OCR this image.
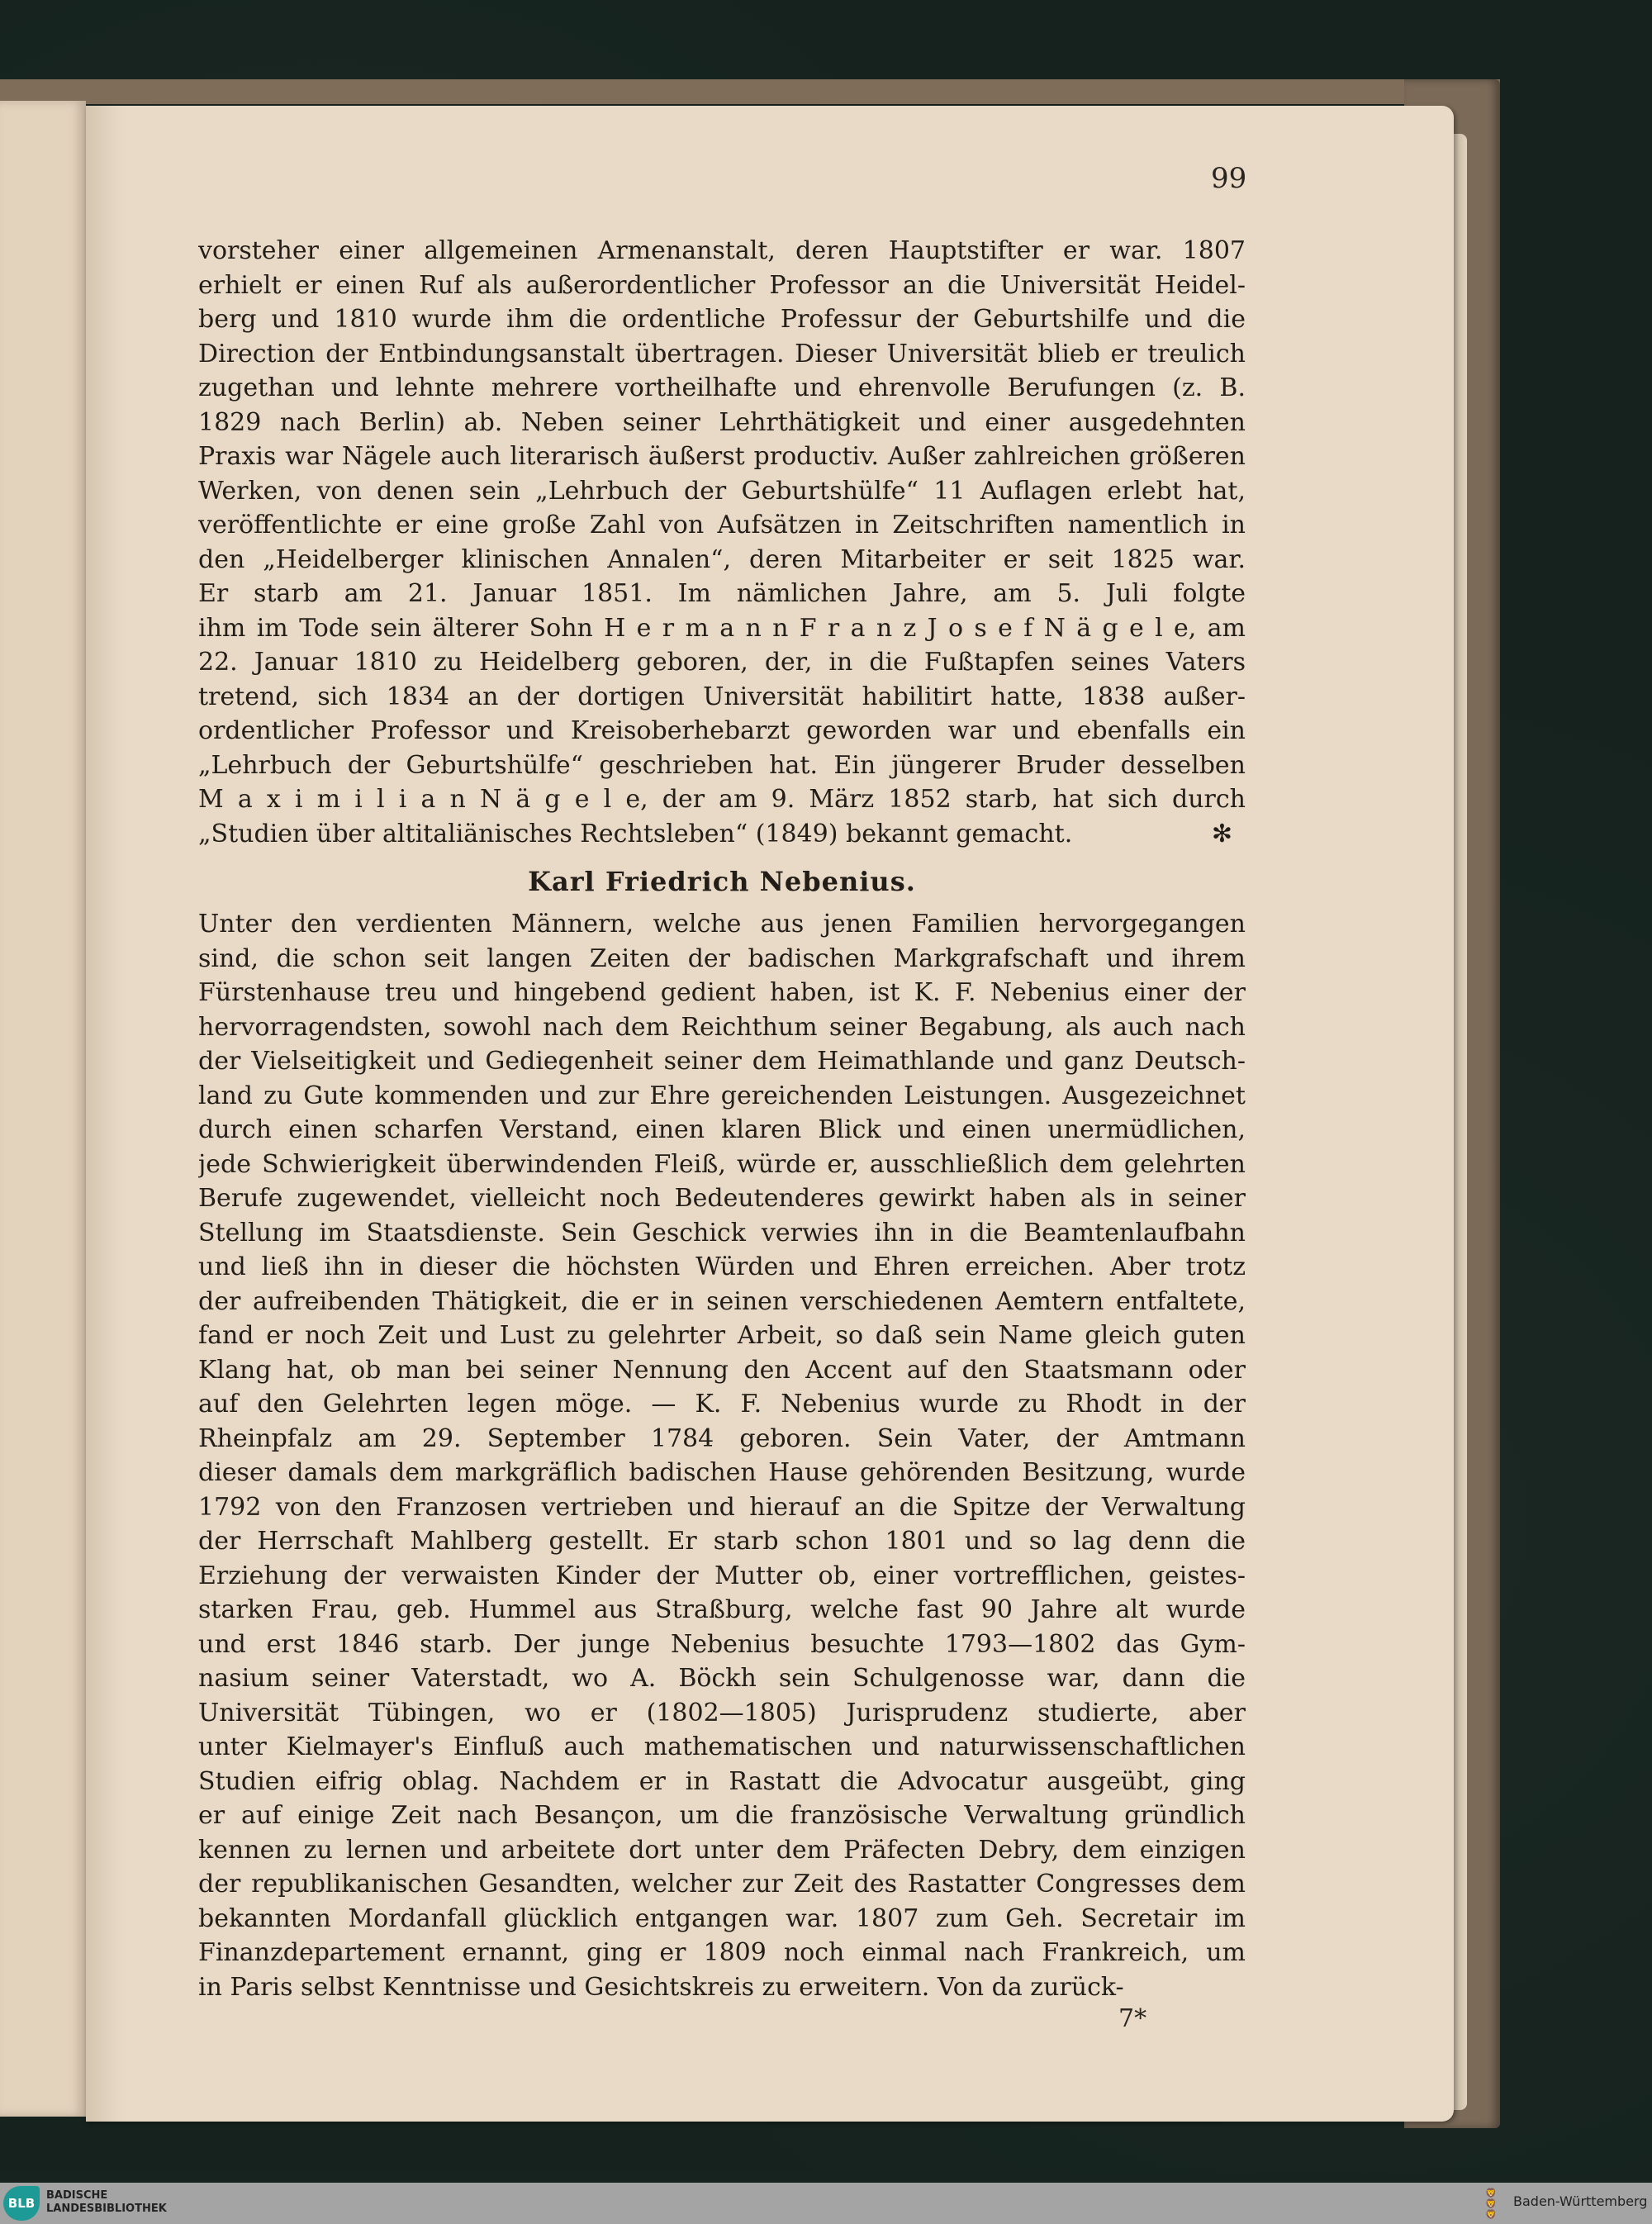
99
vorsteher einer allgemeinen Armenanstalt, deren Hauptstifter er war. 1807
erhielt er einen Ruf als außerordentlicher Professor an die Universität Heidel-
berg und 1810 wurde ihm die ordentliche Professur der Geburtshilfe und die
Direction der Entbindungsanstalt übertragen. Dieser Universität blieb er treulich
zugethan und lehnte mehrere vortheilhafte und ehrenvolle Berufungen (z. B.
1829 nach Berlin) ab. Neben seiner Lehrthätigkeit und einer ausgedehnten
Praxis war Nägele auch literarisch äußerst productiv. Außer zahlreichen größeren
Werken, von denen sein „Lehrbuch der Geburtshülfe“ 11 Auflagen erlebt hat,
veröffentlichte er eine große Zahl von Aufsätzen in Zeitschriften namentlich in
den „Heidelberger klinischen Annalen“, deren Mitarbeiter er seit 1825 war.
Er starb am 21. Januar 1851. Im nämlichen Jahre, am 5. Juli folgte
ihm im Tode sein älterer Sohn H e r m a n n F r a n z J o s e f N ä g e l e, am
22. Januar 1810 zu Heidelberg geboren, der, in die Fußtapfen seines Vaters
tretend, sich 1834 an der dortigen Universität habilitirt hatte, 1838 außer-
ordentlicher Professor und Kreisoberhebarzt geworden war und ebenfalls ein
„Lehrbuch der Geburtshülfe“ geschrieben hat. Ein jüngerer Bruder desselben
M a x i m i l i a n N ä g e l e, der am 9. März 1852 starb, hat sich durch
„Studien über altitaliänisches Rechtsleben“ (1849) bekannt gemacht.	✻
Karl Friedrich Nebenius.
Unter den verdienten Männern, welche aus jenen Familien hervorgegangen
sind, die schon seit langen Zeiten der badischen Markgrafschaft und ihrem
Fürstenhause treu und hingebend gedient haben, ist K. F. Nebenius einer der
hervorragendsten, sowohl nach dem Reichthum seiner Begabung, als auch nach
der Vielseitigkeit und Gediegenheit seiner dem Heimathlande und ganz Deutsch-
land zu Gute kommenden und zur Ehre gereichenden Leistungen. Ausgezeichnet
durch einen scharfen Verstand, einen klaren Blick und einen unermüdlichen,
jede Schwierigkeit überwindenden Fleiß, würde er, ausschließlich dem gelehrten
Berufe zugewendet, vielleicht noch Bedeutenderes gewirkt haben als in seiner
Stellung im Staatsdienste. Sein Geschick verwies ihn in die Beamtenlaufbahn
und ließ ihn in dieser die höchsten Würden und Ehren erreichen. Aber trotz
der aufreibenden Thätigkeit, die er in seinen verschiedenen Aemtern entfaltete,
fand er noch Zeit und Lust zu gelehrter Arbeit, so daß sein Name gleich guten
Klang hat, ob man bei seiner Nennung den Accent auf den Staatsmann oder
auf den Gelehrten legen möge. — K. F. Nebenius wurde zu Rhodt in der
Rheinpfalz am 29. September 1784 geboren. Sein Vater, der Amtmann
dieser damals dem markgräflich badischen Hause gehörenden Besitzung, wurde
1792 von den Franzosen vertrieben und hierauf an die Spitze der Verwaltung
der Herrschaft Mahlberg gestellt. Er starb schon 1801 und so lag denn die
Erziehung der verwaisten Kinder der Mutter ob, einer vortrefflichen, geistes-
starken Frau, geb. Hummel aus Straßburg, welche fast 90 Jahre alt wurde
und erst 1846 starb. Der junge Nebenius besuchte 1793—1802 das Gym-
nasium seiner Vaterstadt, wo A. Böckh sein Schulgenosse war, dann die
Universität Tübingen, wo er (1802—1805) Jurisprudenz studierte, aber
unter Kielmayer's Einfluß auch mathematischen und naturwissenschaftlichen
Studien eifrig oblag. Nachdem er in Rastatt die Advocatur ausgeübt, ging
er auf einige Zeit nach Besançon, um die französische Verwaltung gründlich
kennen zu lernen und arbeitete dort unter dem Präfecten Debry, dem einzigen
der republikanischen Gesandten, welcher zur Zeit des Rastatter Congresses dem
bekannten Mordanfall glücklich entgangen war. 1807 zum Geh. Secretair im
Finanzdepartement ernannt, ging er 1809 noch einmal nach Frankreich, um
in Paris selbst Kenntnisse und Gesichtskreis zu erweitern. Von da zurück-
7*
BLB
BADISCHE
LANDESBIBLIOTHEK
🦁
🦁
🦁
Baden-Württemberg
